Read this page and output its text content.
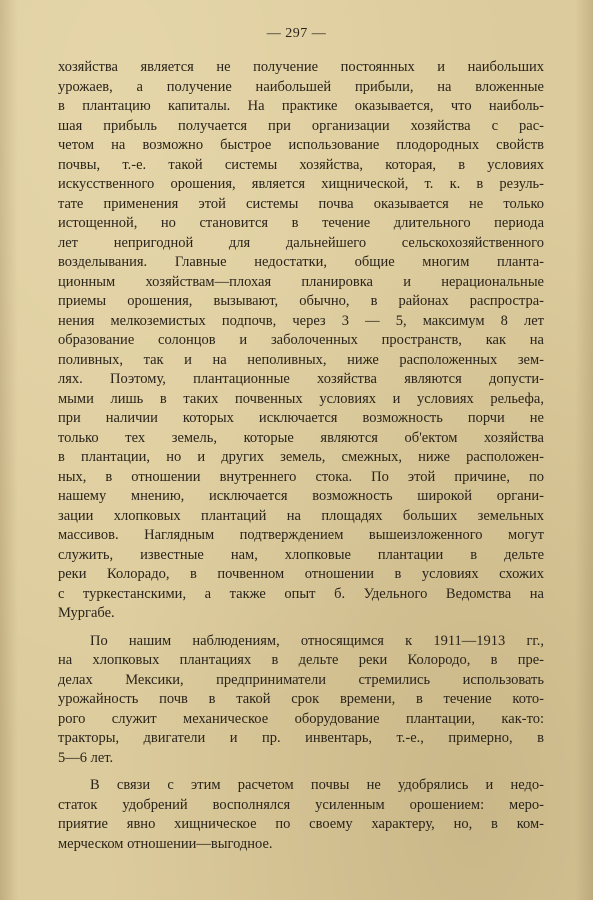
— 297 —
хозяйства является не получение постоянных и наибольших
урожаев, а получение наибольшей прибыли, на вложенные
в плантацию капиталы. На практике оказывается, что наиболь-
шая прибыль получается при организации хозяйства с рас-
четом на возможно быстрое использование плодородных свойств
почвы, т.-е. такой системы хозяйства, которая, в условиях
искусственного орошения, является хищнической, т. к. в резуль-
тате применения этой системы почва оказывается не только
истощенной, но становится в течение длительного периода
лет непригодной для дальнейшего сельскохозяйственного
возделывания. Главные недостатки, общие многим планта-
ционным хозяйствам—плохая планировка и нерациональные
приемы орошения, вызывают, обычно, в районах распростра-
нения мелкоземистых подпочв, через 3 — 5, максимум 8 лет
образование солонцов и заболоченных пространств, как на
поливных, так и на неполивных, ниже расположенных зем-
лях. Поэтому, плантационные хозяйства являются допусти-
мыми лишь в таких почвенных условиях и условиях рельефа,
при наличии которых исключается возможность порчи не
только тех земель, которые являются об'ектом хозяйства
в плантации, но и других земель, смежных, ниже расположен-
ных, в отношении внутреннего стока. По этой причине, по
нашему мнению, исключается возможность широкой органи-
зации хлопковых плантаций на площадях больших земельных
массивов. Наглядным подтверждением вышеизложенного могут
служить, известные нам, хлопковые плантации в дельте
реки Колорадо, в почвенном отношении в условиях схожих
с туркестанскими, а также опыт б. Удельного Ведомства на
Мургабе.
По нашим наблюдениям, относящимся к 1911—1913 гг.,
на хлопковых плантациях в дельте реки Колородо, в пре-
делах Мексики, предприниматели стремились использовать
урожайность почв в такой срок времени, в течение кото-
рого служит механическое оборудование плантации, как-то:
тракторы, двигатели и пр. инвентарь, т.-е., примерно, в
5—6 лет.
В связи с этим расчетом почвы не удобрялись и недо-
статок удобрений восполнялся усиленным орошением: меро-
приятие явно хищническое по своему характеру, но, в ком-
мерческом отношении—выгодное.
